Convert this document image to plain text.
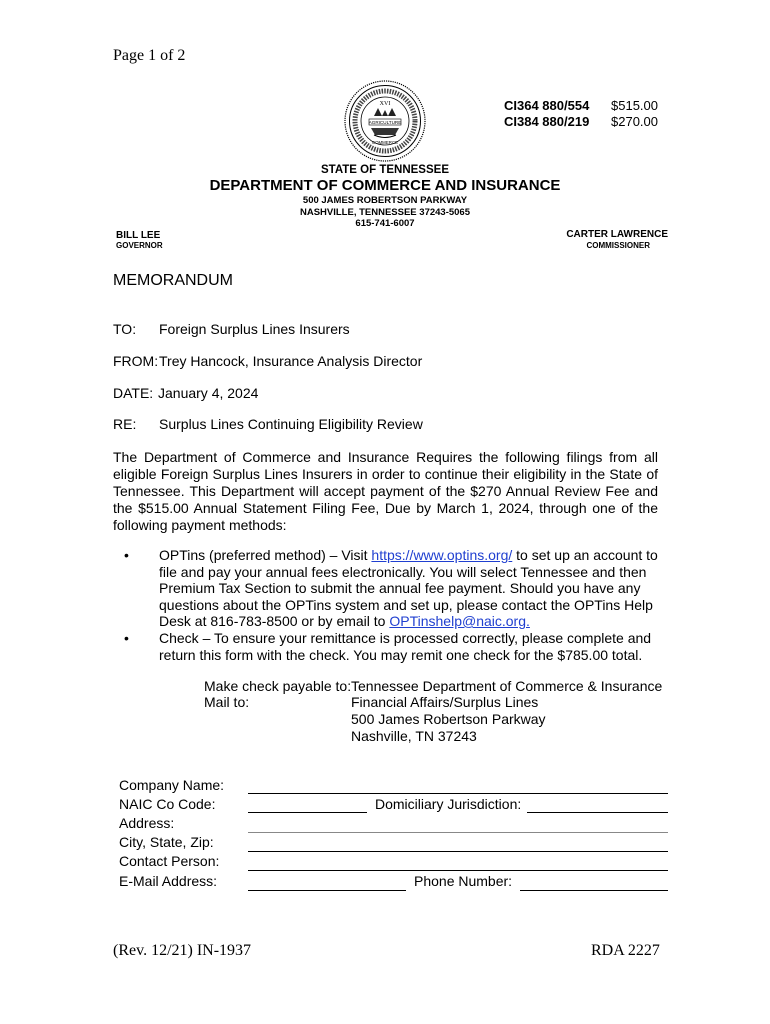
Page 1 of 2
XVI
AGRICULTURE
COMMERCE
CI364 880/554	$515.00
CI384 880/219	$270.00
STATE OF TENNESSEE
DEPARTMENT OF COMMERCE AND INSURANCE
500 JAMES ROBERTSON PARKWAY
NASHVILLE, TENNESSEE 37243-5065
615-741-6007
BILL LEE
GOVERNOR
CARTER LAWRENCE
COMMISSIONER
MEMORANDUM
TO: Foreign Surplus Lines Insurers
FROM:Trey Hancock, Insurance Analysis Director
DATE: January 4, 2024
RE: Surplus Lines Continuing Eligibility Review
The Department of Commerce and Insurance Requires the following filings from all eligible Foreign Surplus Lines Insurers in order to continue their eligibility in the State of Tennessee. This Department will accept payment of the $270 Annual Review Fee and the $515.00 Annual Statement Filing Fee, Due by March 1, 2024, through one of the following payment methods:
• OPTins (preferred method) – Visit https://www.optins.org/ to set up an account to file and pay your annual fees electronically. You will select Tennessee and then Premium Tax Section to submit the annual fee payment. Should you have any questions about the OPTins system and set up, please contact the OPTins Help Desk at 816-783-8500 or by email to OPTinshelp@naic.org.
• Check – To ensure your remittance is processed correctly, please complete and return this form with the check. You may remit one check for the $785.00 total.
Make check payable to: Tennessee Department of Commerce & Insurance
Mail to:	Financial Affairs/Surplus Lines
500 James Robertson Parkway
Nashville, TN 37243
Company Name:
NAIC Co Code:	Domiciliary Jurisdiction:
Address:
City, State, Zip:
Contact Person:
E-Mail Address:	Phone Number:
(Rev. 12/21) IN-1937	RDA 2227
